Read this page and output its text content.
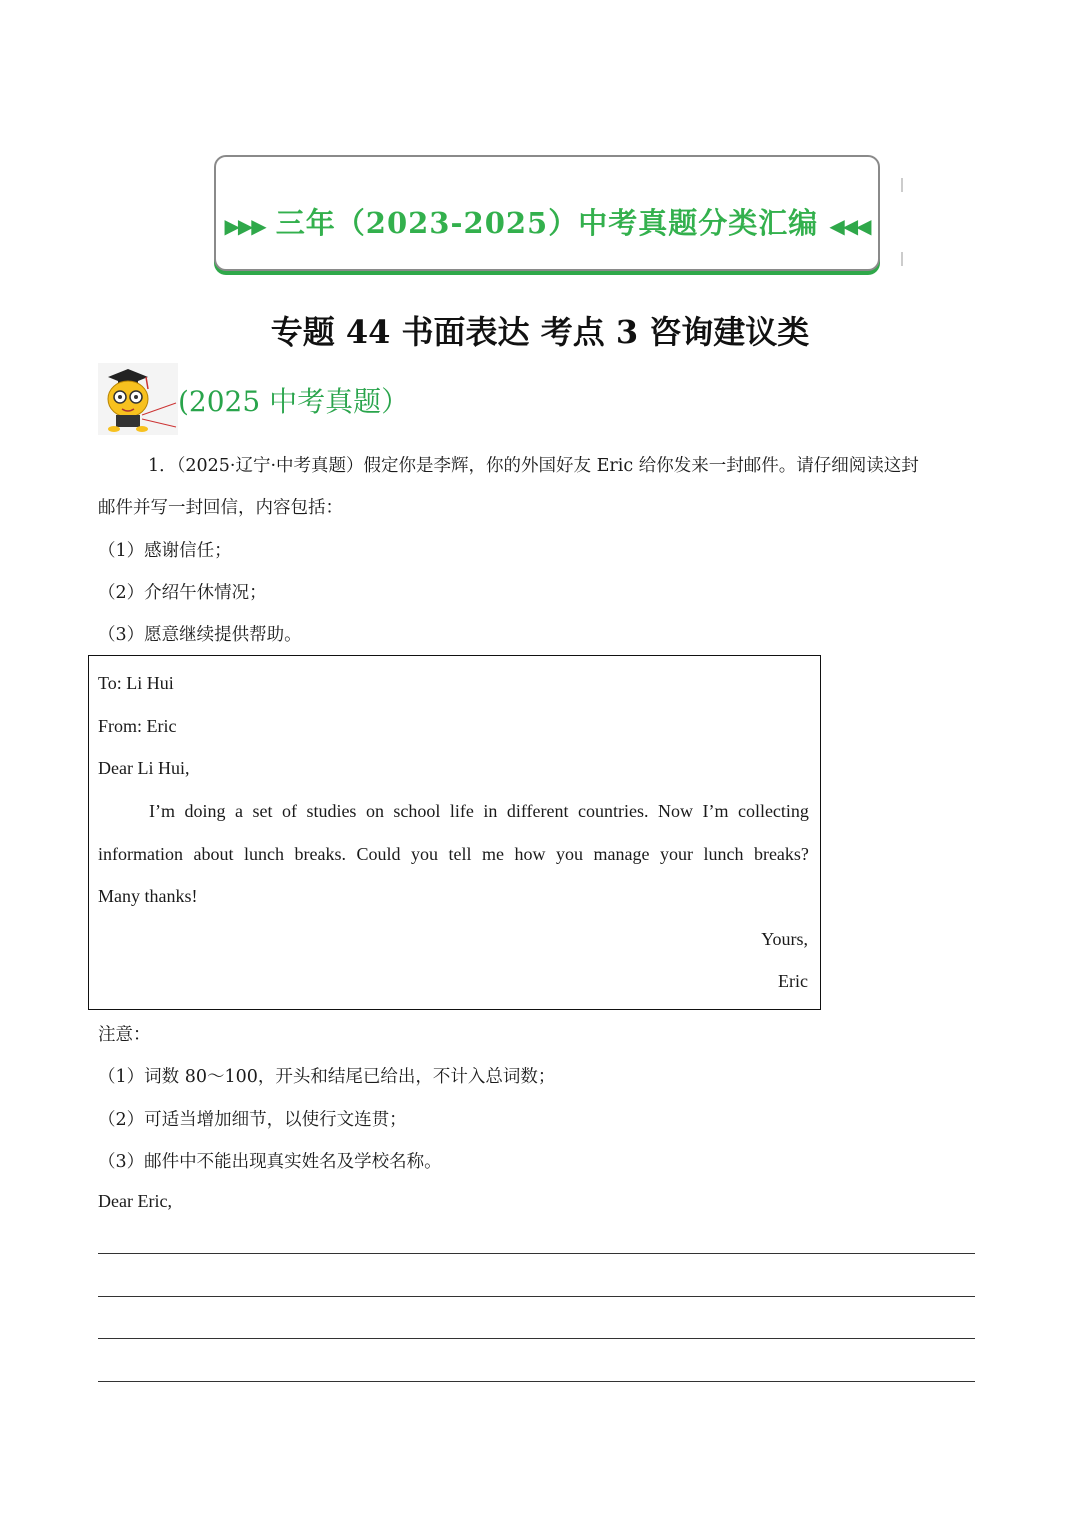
▶▶▶ 三年（2023-2025）中考真题分类汇编 ◀◀◀
专题 44 书面表达 考点 3 咨询建议类
(2025 中考真题）
1．（2025·辽宁·中考真题）假定你是李辉，你的外国好友 Eric 给你发来一封邮件。请仔细阅读这封
邮件并写一封回信，内容包括：
（1）感谢信任；
（2）介绍午休情况；
（3）愿意继续提供帮助。
To: Li Hui
From: Eric
Dear Li Hui,
I’m doing a set of studies on school life in different countries. Now I’m collecting
information about lunch breaks. Could you tell me how you manage your lunch breaks?
Many thanks!
Yours,
Eric
注意：
（1）词数 80～100，开头和结尾已给出，不计入总词数；
（2）可适当增加细节，以使行文连贯；
（3）邮件中不能出现真实姓名及学校名称。
Dear Eric,
